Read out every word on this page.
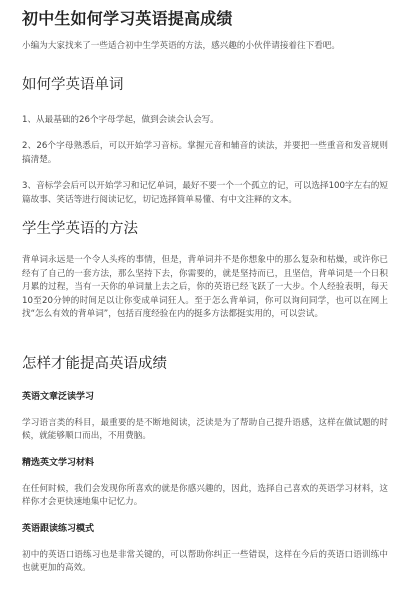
初中生如何学习英语提高成绩

小编为大家找来了一些适合初中生学英语的方法，感兴趣的小伙伴请接着往下看吧。

如何学英语单词

1、从最基础的26个字母学起，做到会读会认会写。

2、26个字母熟悉后，可以开始学习音标。掌握元音和辅音的读法，并要把一些重音和发音规则搞清楚。

3、音标学会后可以开始学习和记忆单词，最好不要一个一个孤立的记，可以选择100字左右的短篇故事、笑话等进行阅读记忆，切记选择简单易懂、有中文注释的文本。

学生学英语的方法

背单词永远是一个令人头疼的事情，但是，背单词并不是你想象中的那么复杂和枯燥，或许你已经有了自己的一套方法，那么坚持下去，你需要的，就是坚持而已，且坚信，背单词是一个日积月累的过程，当有一天你的单词量上去之后，你的英语已经飞跃了一大步。个人经验表明，每天10至20分钟的时间足以让你变成单词狂人。至于怎么背单词，你可以询问同学，也可以在网上找“怎么有效的背单词”，包括百度经验在内的挺多方法都挺实用的，可以尝试。

怎样才能提高英语成绩
英语文章泛读学习

学习语言类的科目，最重要的是不断地阅读，泛读是为了帮助自己提升语感，这样在做试题的时候，就能够顺口而出，不用费脑。

精选英文学习材料

在任何时候，我们会发现你所喜欢的就是你感兴趣的，因此，选择自己喜欢的英语学习材料，这样你才会更快速地集中记忆力。

英语跟读练习模式

初中的英语口语练习也是非常关键的，可以帮助你纠正一些错误，这样在今后的英语口语训练中也就更加的高效。
